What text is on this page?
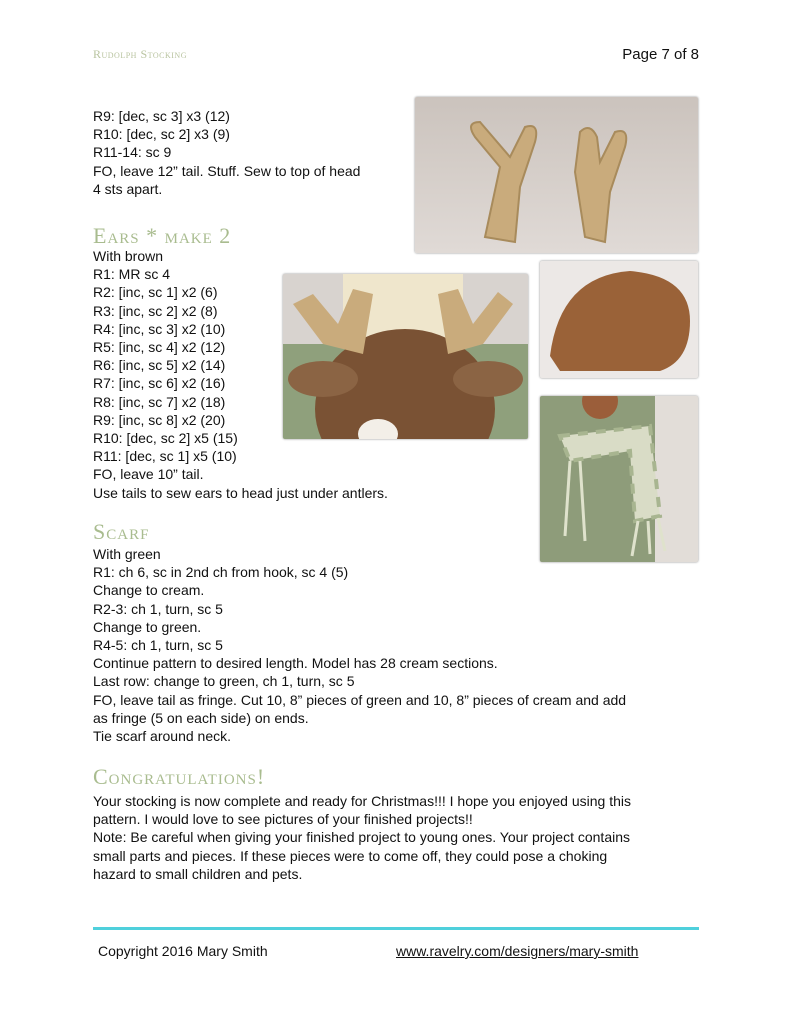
Rudolph Stocking	Page 7 of 8
R9: [dec, sc 3] x3 (12)
R10: [dec, sc 2] x3 (9)
R11-14: sc 9
FO, leave 12” tail. Stuff. Sew to top of head
4 sts apart.
Ears * make 2
With brown
R1: MR sc 4
R2: [inc, sc 1] x2 (6)
R3: [inc, sc 2] x2 (8)
R4: [inc, sc 3] x2 (10)
R5: [inc, sc 4] x2 (12)
R6: [inc, sc 5] x2 (14)
R7: [inc, sc 6] x2 (16)
R8: [inc, sc 7] x2 (18)
R9: [inc, sc 8] x2 (20)
R10: [dec, sc 2] x5 (15)
R11: [dec, sc 1] x5 (10)
FO, leave 10” tail.
Use tails to sew ears to head just under antlers.
Scarf
With green
R1: ch 6, sc in 2nd ch from hook, sc 4 (5)
Change to cream.
R2-3: ch 1, turn, sc 5
Change to green.
R4-5: ch 1, turn, sc 5
Continue pattern to desired length. Model has 28 cream sections.
Last row: change to green, ch 1, turn, sc 5
FO, leave tail as fringe. Cut 10, 8” pieces of green and 10, 8” pieces of cream and add
as fringe (5 on each side) on ends.
Tie scarf around neck.
Congratulations!
Your stocking is now complete and ready for Christmas!!! I hope you enjoyed using this
pattern. I would love to see pictures of your finished projects!!
Note: Be careful when giving your finished project to young ones. Your project contains
small parts and pieces. If these pieces were to come off, they could pose a choking
hazard to small children and pets.
Copyright 2016 Mary Smith	www.ravelry.com/designers/mary-smith
